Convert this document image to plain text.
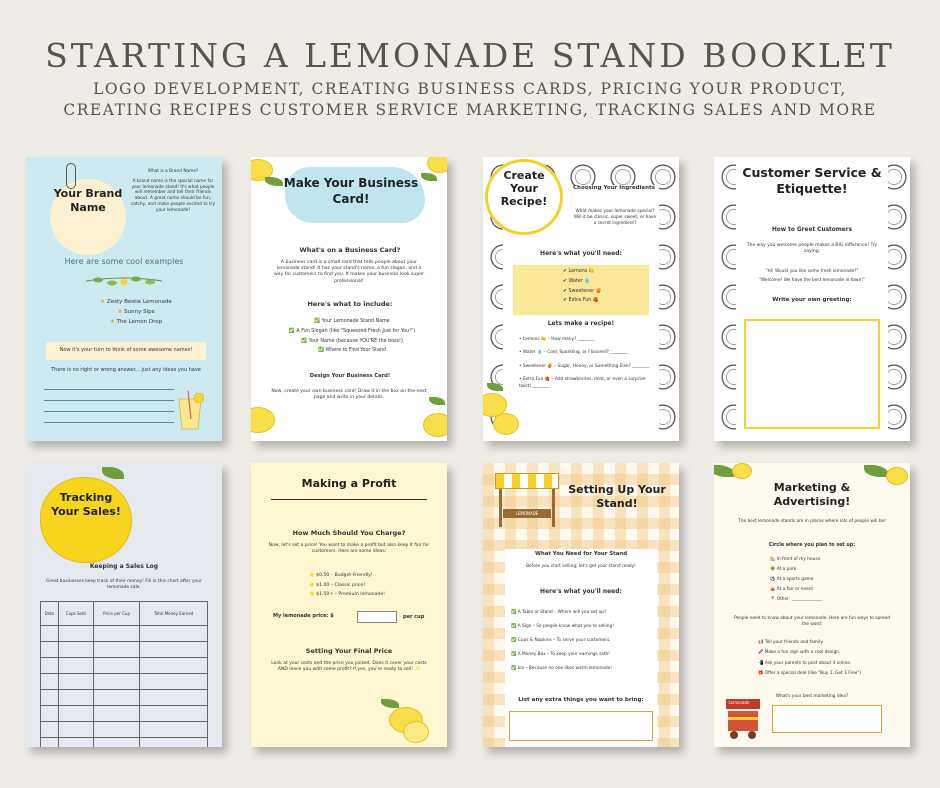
STARTING A LEMONADE STAND BOOKLET
LOGO DEVELOPMENT, CREATING BUSINESS CARDS, PRICING YOUR PRODUCT,
CREATING RECIPES CUSTOMER SERVICE MARKETING, TRACKING SALES AND MORE
Your Brand Name
What is a Brand Name?
A brand name is the special name for your lemonade stand! It's what people will remember and tell their friends about. A great name should be fun, catchy, and make people excited to try your lemonade!
Here are some cool examples
★ Zesty Bestie Lemonade
★ Sunny Sips
★ The Lemon Drop
Now it's your turn to think of some awesome names!
There is no right or wrong answer... just any ideas you have
Make Your Business Card!
What's on a Business Card?
A business card is a small card that tells people about your lemonade stand! It has your stand's name, a fun slogan, and a way for customers to find you. It makes your business look super professional!
Here's what to include:
✅ Your Lemonade Stand Name
✅ A Fun Slogan (like "Squeezed Fresh Just for You!")
✅ Your Name (because YOU'RE the boss!)
✅ Where to Find Your Stand
Design Your Business Card!
Now, create your own business card! Draw it in the box on the next page and write in your details.
Create Your Recipe!
Choosing Your Ingredients
What makes your lemonade special? Will it be classic, super sweet, or have a secret ingredient?
Here's what you'll need:
✔ Lemons 🍋
✔ Water 💧
✔ Sweetener 🍯
✔ Extra Fun 🍓
Lets make a recipe!
• Lemons 🍋 – How many? ________
• Water 💧 – Cold, Sparkling, or Flavored? ________
• Sweetener 🍯 – Sugar, Honey, or Something Else? ________
• Extra Fun 🍓 – Add strawberries, mint, or even a surprise twist! ________
Customer Service & Etiquette!
How to Greet Customers
The way you welcome people makes a BIG difference! Try saying:
"Hi! Would you like some fresh lemonade?"
"Welcome! We have the best lemonade in town!"
Write your own greeting:
Tracking Your Sales!
Keeping a Sales Log
Great businesses keep track of their money! Fill in this chart after your lemonade sale.
Date	Cups Sold	Price per Cup	Total Money Earned

Making a Profit
How Much Should You Charge?
Now, let's set a price! You want to make a profit but also keep it fair for customers. Here are some ideas:
⭐ $0.50 – Budget-Friendly!
⭐ $1.00 – Classic price!
⭐ $1.50+ – Premium lemonade!
My lemonade price: $	per cup
Setting Your Final Price
Look at your costs and the price you picked. Does it cover your costs AND leave you with some profit? If yes, you're ready to sell! ✨
LEMONADE
Setting Up Your Stand!
What You Need for Your Stand
Before you start selling, let's get your stand ready!
Here's what you'll need:
✅ A Table or Stand – Where will you set up?
✅ A Sign – So people know what you're selling!
✅ Cups & Napkins – To serve your customers.
✅ A Money Box – To keep your earnings safe!
✅ Ice – Because no one likes warm lemonade!
List any extra things you want to bring:
Marketing & Advertising!
The best lemonade stands are in places where lots of people will be!
Circle where you plan to set up:
🏡 In front of my house
🌳 At a park
⚽ At a sports game
🎪 At a fair or event
📍 Other: ______________
People need to know about your lemonade. Here are fun ways to spread the word:
📢 Tell your friends and family.
🖍️ Make a fun sign with a cool design.
📲 Ask your parents to post about it online.
🎁 Offer a special deal (like "Buy 1, Get 1 Free")
What's your best marketing idea?
Lemonade
